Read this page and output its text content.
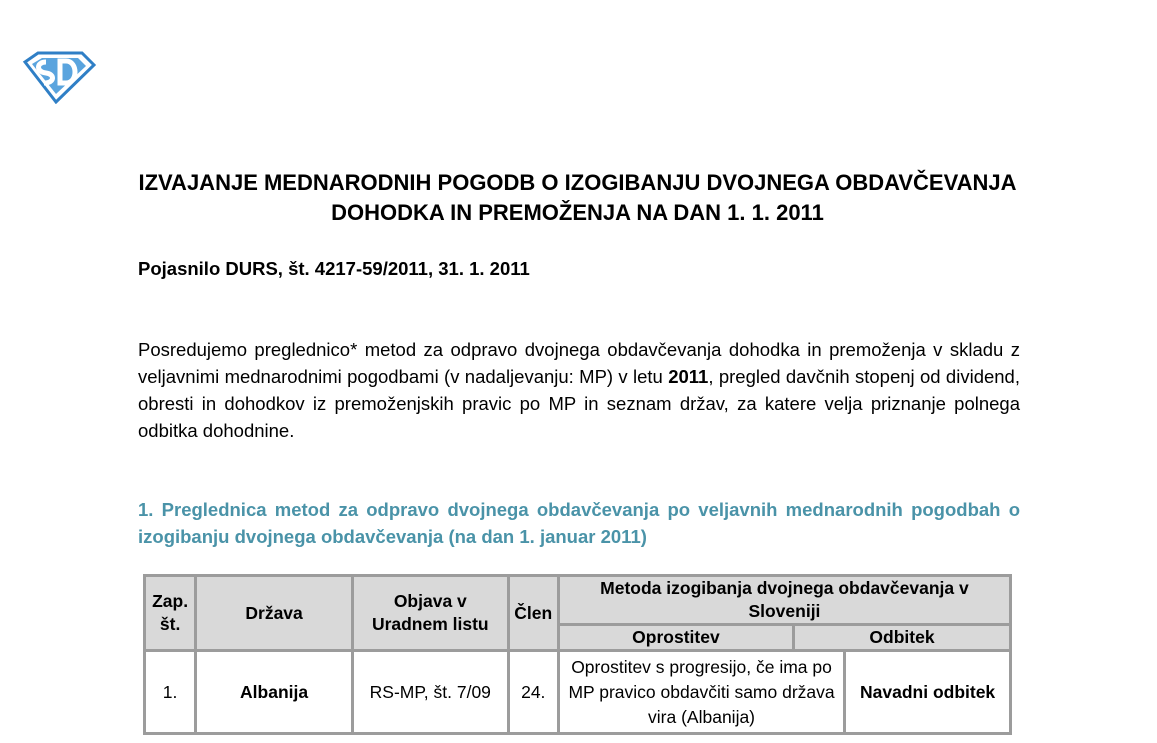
IZVAJANJE MEDNARODNIH POGODB O IZOGIBANJU DVOJNEGA OBDAVČEVANJA DOHODKA IN PREMOŽENJA NA DAN 1. 1. 2011
Pojasnilo DURS, št. 4217-59/2011, 31. 1. 2011
Posredujemo preglednico* metod za odpravo dvojnega obdavčevanja dohodka in premoženja v skladu z veljavnimi mednarodnimi pogodbami (v nadaljevanju: MP) v letu 2011, pregled davčnih stopenj od dividend, obresti in dohodkov iz premoženjskih pravic po MP in seznam držav, za katere velja priznanje polnega odbitka dohodnine.
1. Preglednica metod za odpravo dvojnega obdavčevanja po veljavnih mednarodnih pogodbah o izogibanju dvojnega obdavčevanja (na dan 1. januar 2011)
Zap. št.	Država	Objava v Uradnem listu	Člen	Metoda izogibanja dvojnega obdavčevanja v Sloveniji		
				Oprostitev	Odbitek	
1.	Albanija	RS-MP, št. 7/09	24.	Oprostitev s progresijo, če ima po MP pravico obdavčiti samo država vira (Albanija)		Navadni odbitek
